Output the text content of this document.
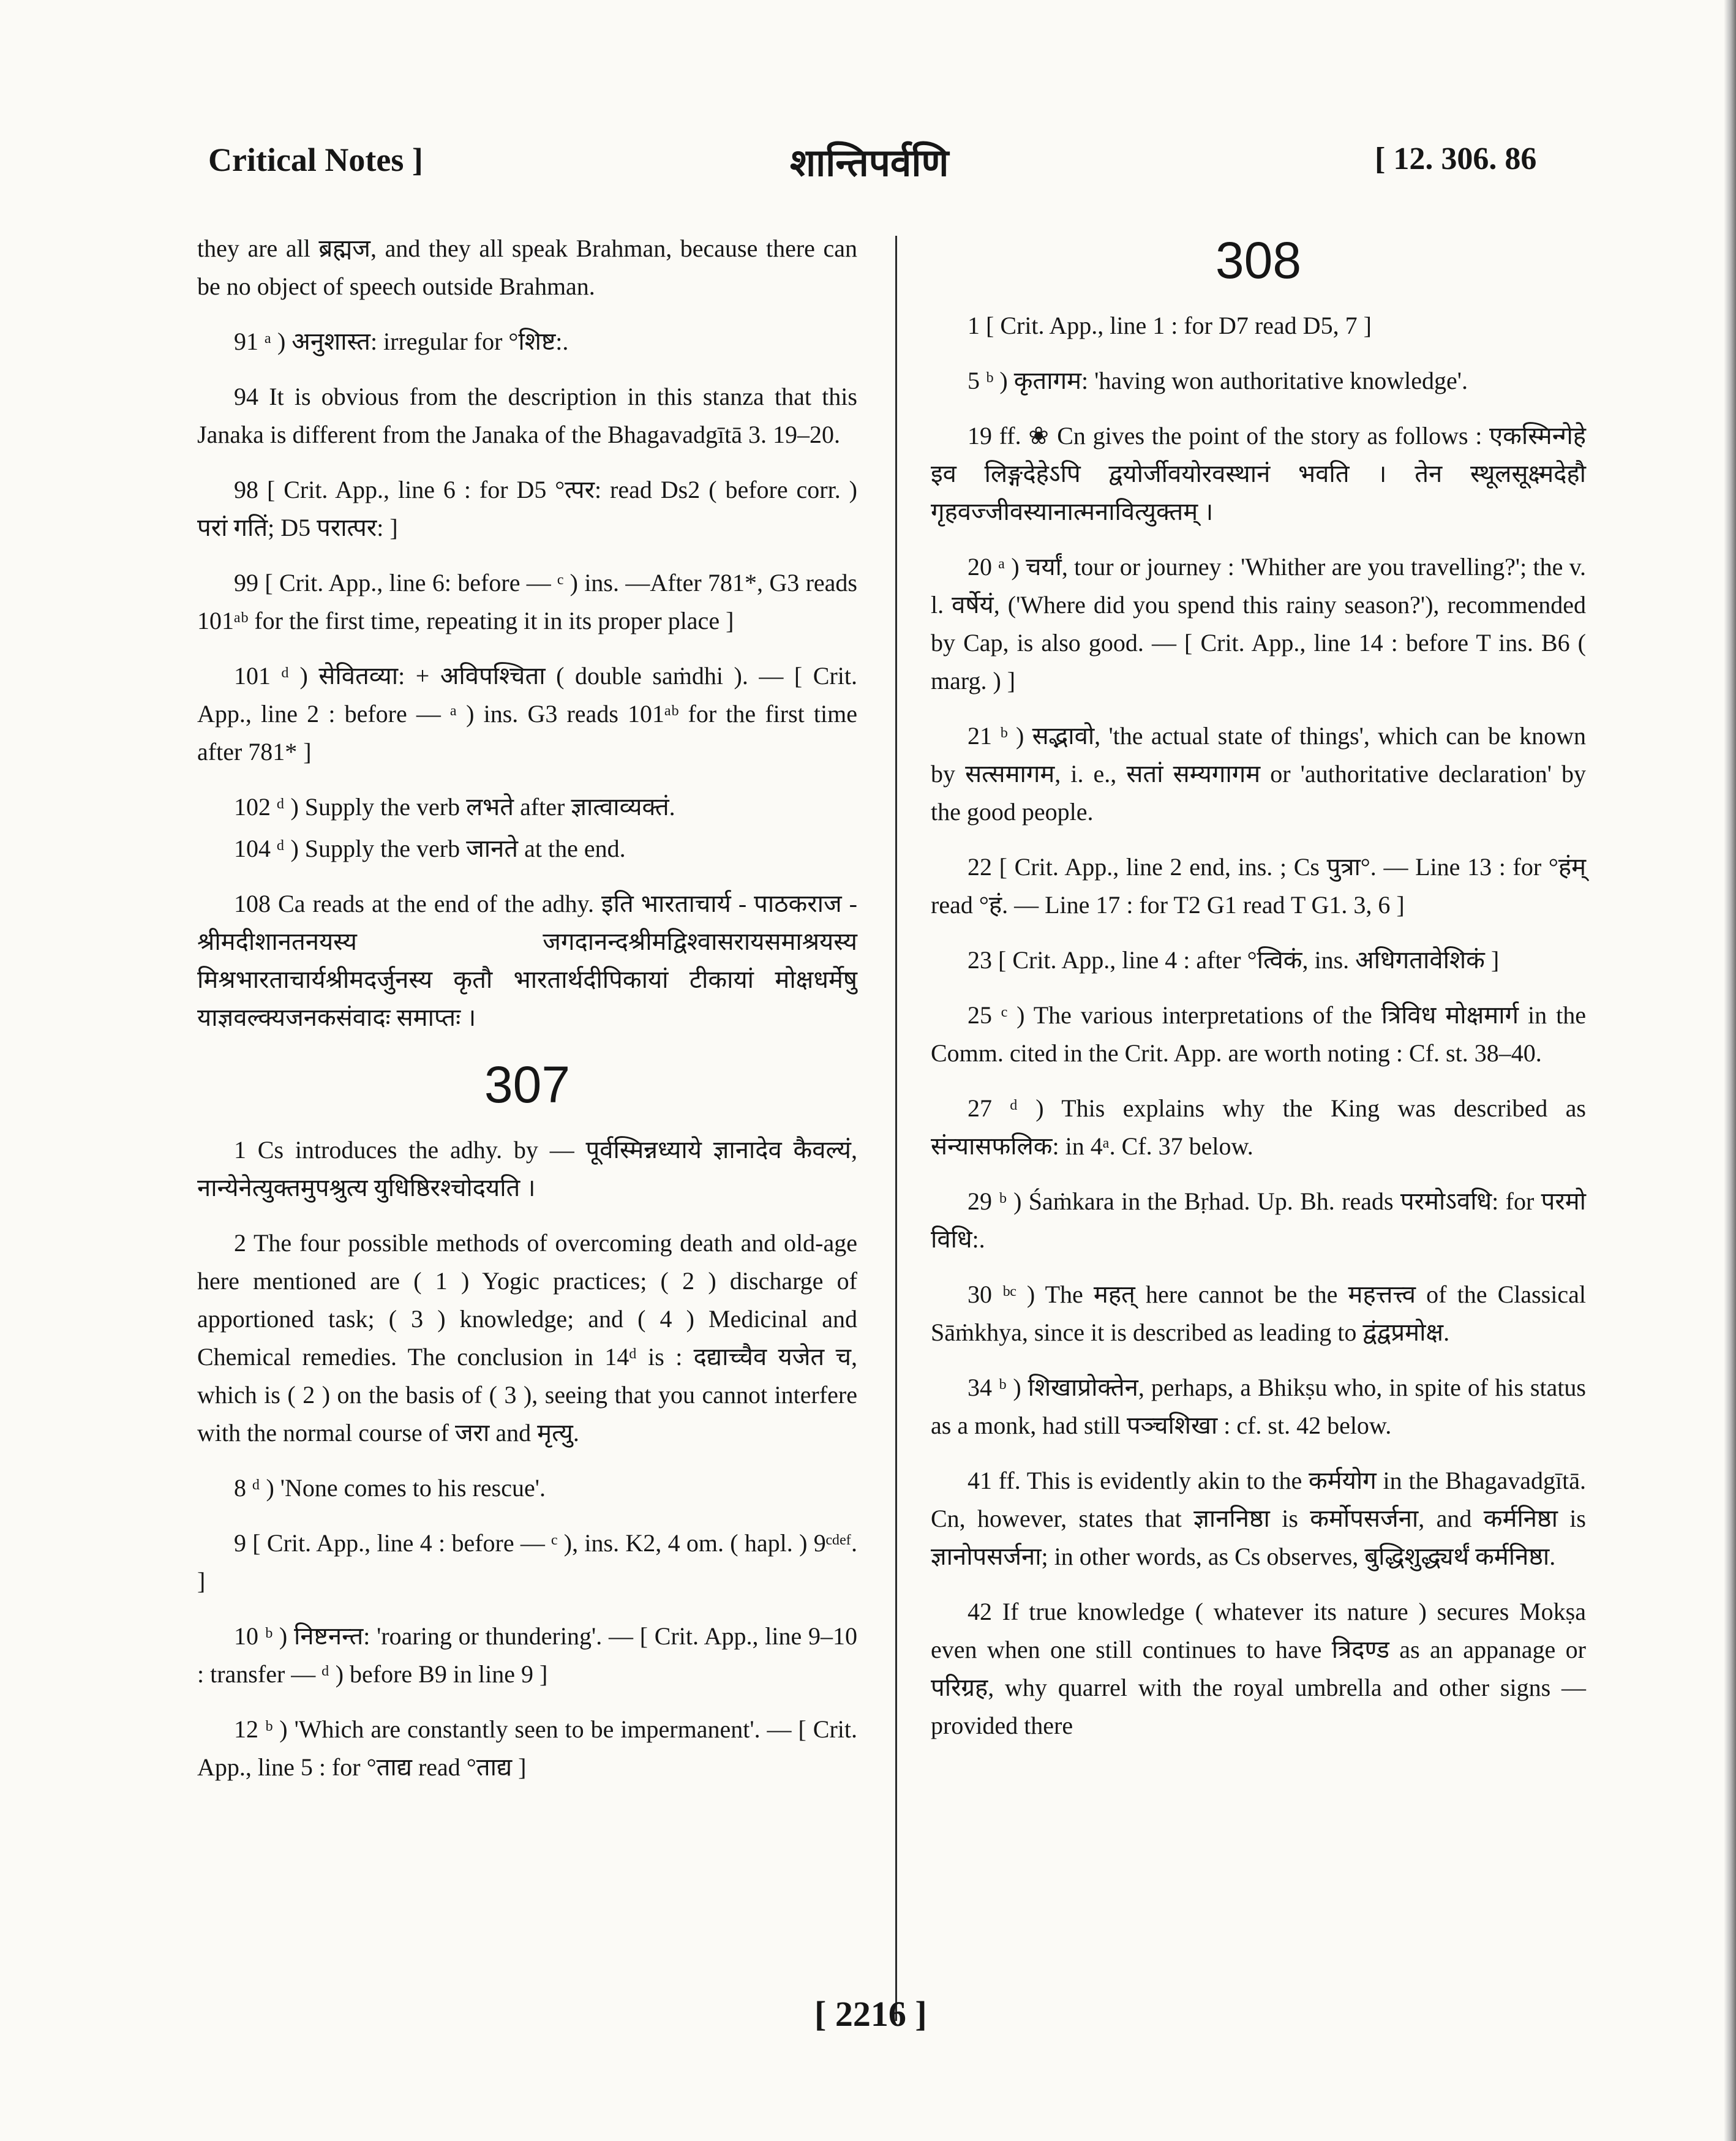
Critical Notes ]	शान्तिपर्वणि	[ 12. 306. 86

they are all ब्रह्मज, and they all speak Brahman, because there can be no object of speech outside Brahman.

91 ᵃ ) अनुशास्त: irregular for °शिष्ट:.

94 It is obvious from the description in this stanza that this Janaka is different from the Janaka of the Bhagavadgītā 3. 19–20.

98 [ Crit. App., line 6 : for D5 °त्पर: read Ds2 ( before corr. ) परां गतिं; D5 परात्पर: ]

99 [ Crit. App., line 6: before — ᶜ ) ins. —After 781*, G3 reads 101ᵃᵇ for the first time, repeating it in its proper place ]

101 ᵈ ) सेवितव्या: + अविपश्चिता ( double saṁdhi ). — [ Crit. App., line 2 : before — ᵃ ) ins. G3 reads 101ᵃᵇ for the first time after 781* ]

102 ᵈ ) Supply the verb लभते after ज्ञात्वाव्यक्तं.

104 ᵈ ) Supply the verb जानते at the end.

108 Ca reads at the end of the adhy. इति भारताचार्य - पाठकराज - श्रीमदीशानतनयस्य जगदानन्दश्रीमद्विश्वासरायसमाश्रयस्य मिश्रभारताचार्यश्रीमदर्जुनस्य कृतौ भारतार्थदीपिकायां टीकायां मोक्षधर्मेषु याज्ञवल्क्यजनकसंवादः समाप्तः ।

307

1 Cs introduces the adhy. by — पूर्वस्मिन्नध्याये ज्ञानादेव कैवल्यं, नान्येनेत्युक्तमुपश्रुत्य युधिष्ठिरश्चोदयति ।

2 The four possible methods of overcoming death and old-age here mentioned are ( 1 ) Yogic practices; ( 2 ) discharge of apportioned task; ( 3 ) knowledge; and ( 4 ) Medicinal and Chemical remedies. The conclusion in 14ᵈ is : दद्याच्चैव यजेत च, which is ( 2 ) on the basis of ( 3 ), seeing that you cannot interfere with the normal course of जरा and मृत्यु.

8 ᵈ ) 'None comes to his rescue'.

9 [ Crit. App., line 4 : before — ᶜ ), ins. K2, 4 om. ( hapl. ) 9ᶜᵈᵉᶠ. ]

10 ᵇ ) निष्टनन्त: 'roaring or thundering'. — [ Crit. App., line 9–10 : transfer — ᵈ ) before B9 in line 9 ]

12 ᵇ ) 'Which are constantly seen to be impermanent'. — [ Crit. App., line 5 : for °ताद्य read °ताद्य ]

308

1 [ Crit. App., line 1 : for D7 read D5, 7 ]

5 ᵇ ) कृतागम: 'having won authoritative knowledge'.

19 ff. ❀ Cn gives the point of the story as follows : एकस्मिन्गेहे इव लिङ्गदेहेऽपि द्वयोर्जीवयोरवस्थानं भवति । तेन स्थूलसूक्ष्मदेहौ गृहवज्जीवस्यानात्मनावित्युक्तम् ।

20 ᵃ ) चर्यां, tour or journey : 'Whither are you travelling?'; the v. l. वर्षेयं, ('Where did you spend this rainy season?'), recommended by Cap, is also good. — [ Crit. App., line 14 : before T ins. B6 ( marg. ) ]

21 ᵇ ) सद्भावो, 'the actual state of things', which can be known by सत्समागम, i. e., सतां सम्यगागम or 'authoritative declaration' by the good people.

22 [ Crit. App., line 2 end, ins. ; Cs पुत्रा°. — Line 13 : for °हंम् read °हं. — Line 17 : for T2 G1 read T G1. 3, 6 ]

23 [ Crit. App., line 4 : after °त्विकं, ins. अधिगतावेशिकं ]

25 ᶜ ) The various interpretations of the त्रिविध मोक्षमार्ग in the Comm. cited in the Crit. App. are worth noting : Cf. st. 38–40.

27 ᵈ ) This explains why the King was described as संन्यासफलिक: in 4ᵃ. Cf. 37 below.

29 ᵇ ) Śaṁkara in the Bṛhad. Up. Bh. reads परमोऽवधि: for परमो विधि:.

30 ᵇᶜ ) The महत् here cannot be the महत्तत्त्व of the Classical Sāṁkhya, since it is described as leading to द्वंद्वप्रमोक्ष.

34 ᵇ ) शिखाप्रोक्तेन, perhaps, a Bhikṣu who, in spite of his status as a monk, had still पञ्चशिखा : cf. st. 42 below.

41 ff. This is evidently akin to the कर्मयोग in the Bhagavadgītā. Cn, however, states that ज्ञाननिष्ठा is कर्मोपसर्जना, and कर्मनिष्ठा is ज्ञानोपसर्जना; in other words, as Cs observes, बुद्धिशुद्ध्यर्थं कर्मनिष्ठा.

42 If true knowledge ( whatever its nature ) secures Mokṣa even when one still continues to have त्रिदण्ड as an appanage or परिग्रह, why quarrel with the royal umbrella and other signs — provided there

[ 2216 ]
